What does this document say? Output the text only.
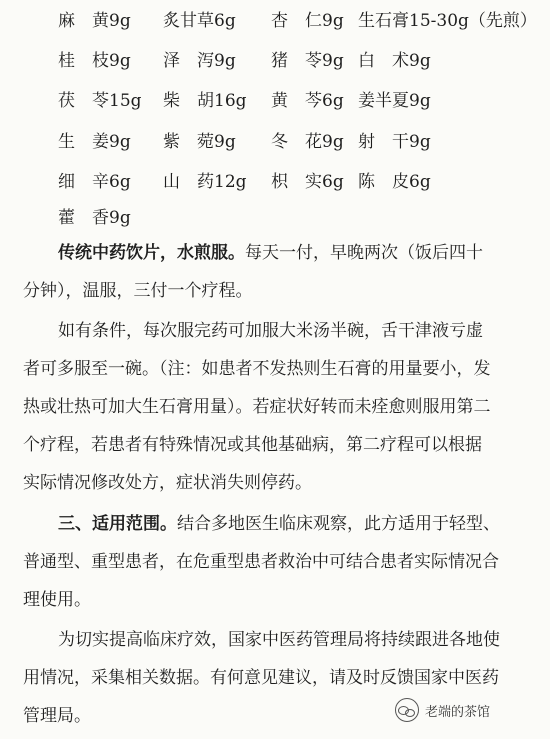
麻　黄9g 炙甘草6g 杏　仁9g 生石膏15-30g（先煎）
桂　枝9g 泽　泻9g 猪　苓9g 白　术9g
茯　苓15g 柴　胡16g 黄　芩6g 姜半夏9g
生　姜9g 紫　菀9g 冬　花9g 射　干9g
细　辛6g 山　药12g 枳　实6g 陈　皮6g
藿　香9g
传统中药饮片，水煎服。每天一付，早晚两次（饭后四十
分钟），温服，三付一个疗程。
如有条件，每次服完药可加服大米汤半碗，舌干津液亏虚
者可多服至一碗。（注：如患者不发热则生石膏的用量要小，发
热或壮热可加大生石膏用量）。若症状好转而未痊愈则服用第二
个疗程，若患者有特殊情况或其他基础病，第二疗程可以根据
实际情况修改处方，症状消失则停药。
三、适用范围。结合多地医生临床观察，此方适用于轻型、
普通型、重型患者，在危重型患者救治中可结合患者实际情况合
理使用。
为切实提高临床疗效，国家中医药管理局将持续跟进各地使
用情况，采集相关数据。有何意见建议，请及时反馈国家中医药
管理局。	老端的茶馆
